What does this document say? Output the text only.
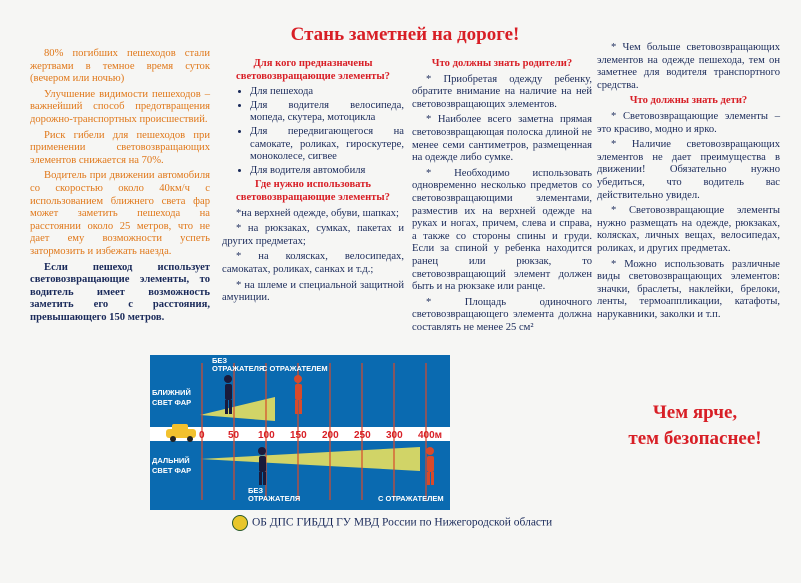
Стань заметней на дороге!

80% погибших пешеходов стали жертвами в темное время суток (вечером или ночью)

Улучшение видимости пешеходов – важнейший способ предотвращения дорожно-транспортных происшествий.

Риск гибели для пешеходов при применении световозвращающих элементов снижается на 70%.

Водитель при движении автомобиля со скоростью около 40км/ч с использованием ближнего света фар может заметить пешехода на расстоянии около 25 метров, что не дает ему возможности успеть затормозить и избежать наезда.

Если пешеход использует световозвращающие элементы, то водитель имеет возможность заметить его с расстояния, превышающего 150 метров.

Для кого предназначены световозвращающие элементы?

• Для пешехода
• Для водителя велосипеда, мопеда, скутера, мотоцикла
• Для передвигающегося на самокате, роликах, гироскутере, моноколесе, сигвее
• Для водителя автомобиля

Где нужно использовать световозвращающие элементы?

*на верхней одежде, обуви, шапках;

* на рюкзаках, сумках, пакетах и других предметах;

* на колясках, велосипедах, самокатах, роликах, санках и т.д.;

* на шлеме и специальной защитной амуниции.

Что должны знать родители?

* Приобретая одежду ребенку, обратите внимание на наличие на ней световозвращающих элементов.

* Наиболее всего заметна прямая световозвращающая полоска длиной не менее семи сантиметров, размещенная на одежде либо сумке.

* Необходимо использовать одновременно несколько предметов со световозвращающими элементами, разместив их на верхней одежде на руках и ногах, причем, слева и справа, а также со стороны спины и груди. Если за спиной у ребенка находится ранец или рюкзак, то световозвращающий элемент должен быть и на рюкзаке или ранце.

* Площадь одиночного световозвращающего элемента должна составлять не менее 25 см²

* Чем больше световозвращающих элементов на одежде пешехода, тем он заметнее для водителя транспортного средства.

Что должны знать дети?

* Световозвращающие элементы – это красиво, модно и ярко.

* Наличие световозвращающих элементов не дает преимущества в движении! Обязательно нужно убедиться, что водитель вас действительно увидел.

* Световозвращающие элементы нужно размещать на одежде, рюкзаках, колясках, личных вещах, велосипедах, роликах, и других предметах.

* Можно использовать различные виды световозвращающих элементов: значки, браслеты, наклейки, брелоки, ленты, термоаппликации, катафоты, нарукавники, заколки и т.п.

Чем ярче,
тем безопаснее!
0 50 100 150 200 250 300 400м
БЛИЖНИЙ
СВЕТ ФАР
ДАЛЬНИЙ
СВЕТ ФАР
БЕЗ
ОТРАЖАТЕЛЯ
С ОТРАЖАТЕЛЕМ
БЕЗ
ОТРАЖАТЕЛЯ	С ОТРАЖАТЕЛЕМ
ОБ ДПС ГИБДД ГУ МВД России по Нижегородской области
